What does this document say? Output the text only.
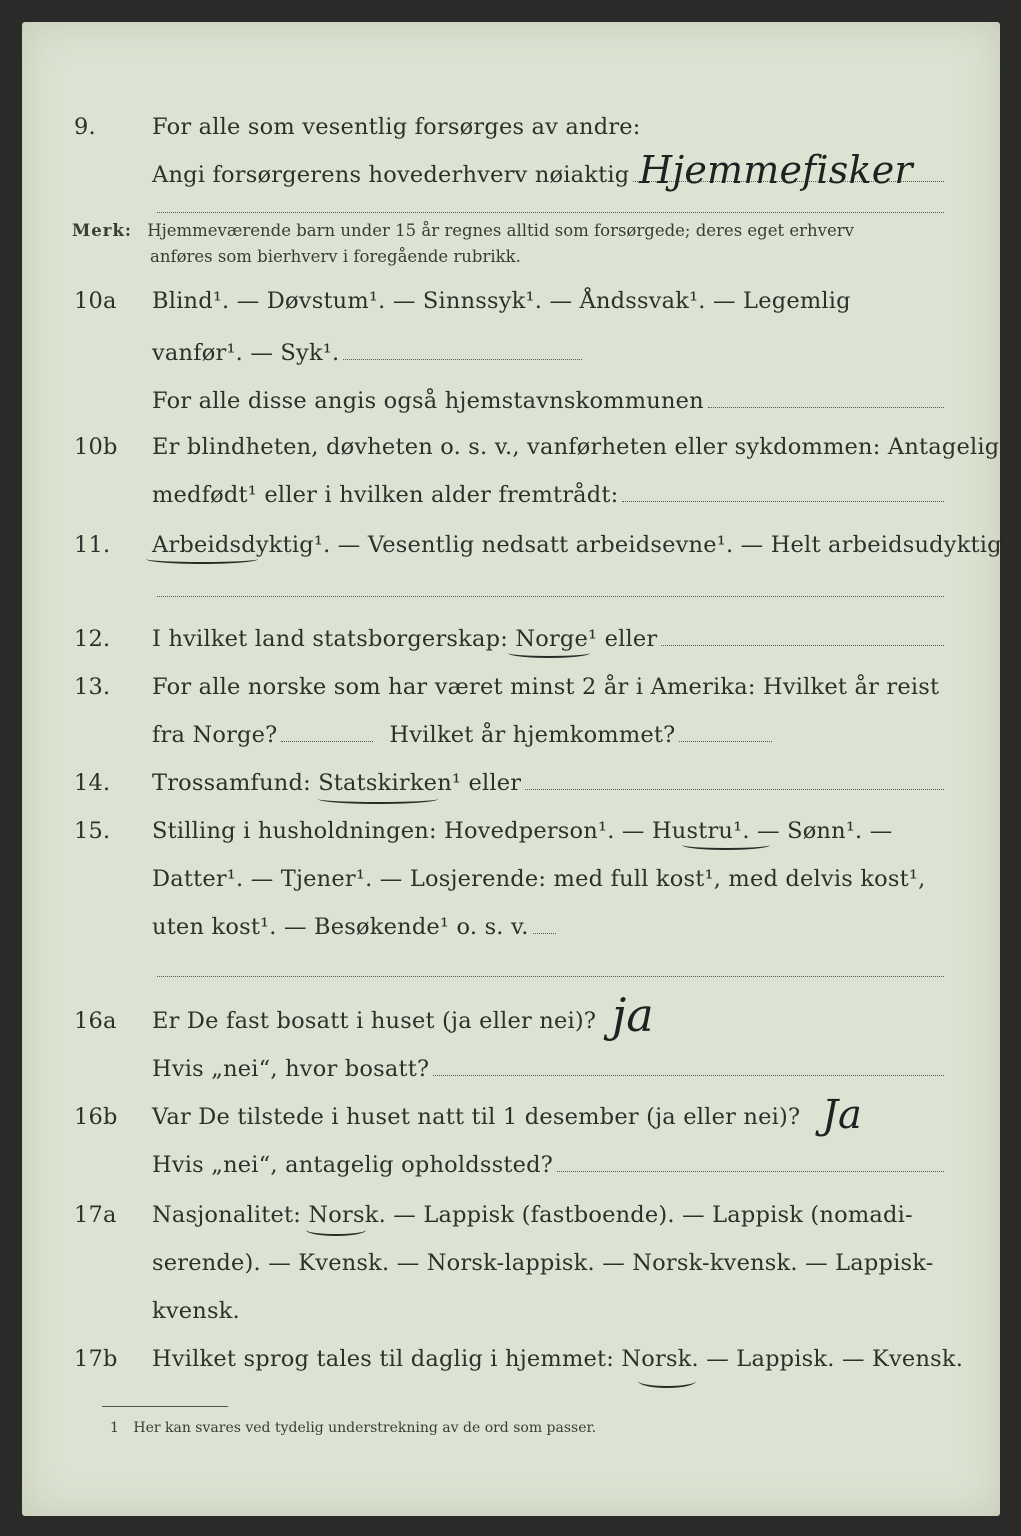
9.	For alle som vesentlig forsørges av andre:
Angi forsørgerens hovederhverv nøiaktig Hjemmefisker
Merk: Hjemmeværende barn under 15 år regnes alltid som forsørgede; deres eget erhverv
anføres som bierhverv i foregående rubrikk.
10a	Blind¹. — Døvstum¹. — Sinnssyk¹. — Åndssvak¹. — Legemlig
vanfør¹. — Syk¹.
For alle disse angis også hjemstavnskommunen
10b	Er blindheten, døvheten o. s. v., vanførheten eller sykdommen: Antagelig
medfødt¹ eller i hvilken alder fremtrådt:
11.	Arbeidsdyktig¹. — Vesentlig nedsatt arbeidsevne¹. — Helt arbeidsudyktig¹.
12.	I hvilket land statsborgerskap: Norge¹ eller
13.	For alle norske som har været minst 2 år i Amerika: Hvilket år reist
fra Norge?	Hvilket år hjemkommet?
14.	Trossamfund: Statskirken¹ eller
15.	Stilling i husholdningen: Hovedperson¹. — Hustru¹. — Sønn¹. —
Datter¹. — Tjener¹. — Losjerende: med full kost¹, med delvis kost¹,
uten kost¹. — Besøkende¹ o. s. v.
16a	Er De fast bosatt i huset (ja eller nei)? ja
Hvis „nei“, hvor bosatt?
16b	Var De tilstede i huset natt til 1 desember (ja eller nei)? Ja
Hvis „nei“, antagelig opholdssted?
17a	Nasjonalitet: Norsk. — Lappisk (fastboende). — Lappisk (nomadi-
serende). — Kvensk. — Norsk-lappisk. — Norsk-kvensk. — Lappisk-
kvensk.
17b	Hvilket sprog tales til daglig i hjemmet: Norsk. — Lappisk. — Kvensk.
1 Her kan svares ved tydelig understrekning av de ord som passer.
